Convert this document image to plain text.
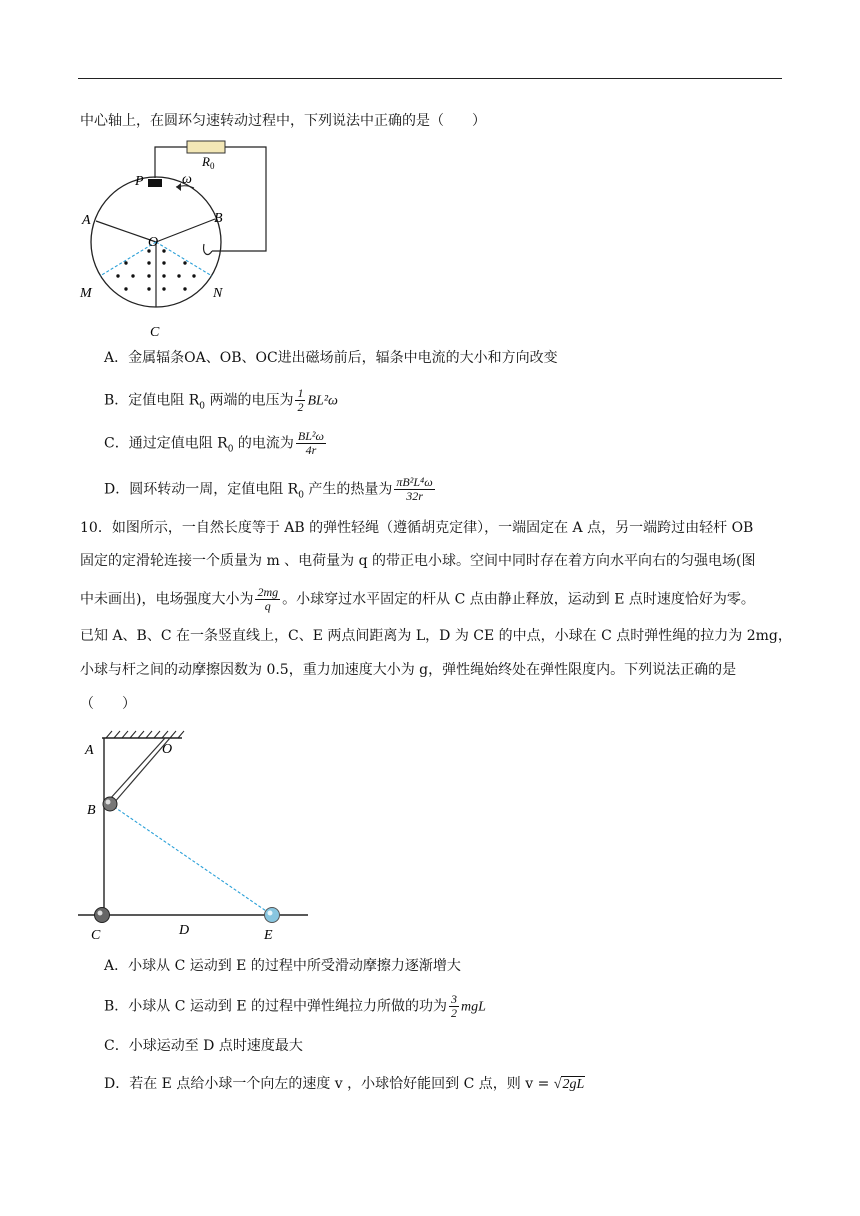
中心轴上，在圆环匀速转动过程中，下列说法中正确的是（　　）
$R_0$
P	ω
A	B
O
M	N
C
A．金属辐条OA、OB、OC进出磁场前后，辐条中电流的大小和方向改变
B．定值电阻 $R_0$ 两端的电压为 $\frac{1}{2} BL^2\omega$
C．通过定值电阻 $R_0$ 的电流为 $\frac{\text{BL²ω}}{4r}$
D．圆环转动一周，定值电阻 $R_0$ 产生的热量为 $\frac{\text{πB²L⁴ω}}{32r}$
10．如图所示，一自然长度等于 AB 的弹性轻绳（遵循胡克定律），一端固定在 A 点，另一端跨过由轻杆 OB
固定的定滑轮连接一个质量为 m 、电荷量为 q 的带正电小球。空间中同时存在着方向水平向右的匀强电场(图
中未画出)，电场强度大小为 $\frac{2mg}{q}$ 。小球穿过水平固定的杆从 C 点由静止释放，运动到 E 点时速度恰好为零。
已知 A、B、C 在一条竖直线上，C、E 两点间距离为 L，D 为 CE 的中点，小球在 C 点时弹性绳的拉力为 2mg，
小球与杆之间的动摩擦因数为 0.5，重力加速度大小为 g，弹性绳始终处在弹性限度内。下列说法正确的是
（　　）
A	O
B
C	D	E
A．小球从 C 运动到 E 的过程中所受滑动摩擦力逐渐增大
B．小球从 C 运动到 E 的过程中弹性绳拉力所做的功为 $\frac{3}{2}$ mgL
C．小球运动至 D 点时速度最大
D．若在 E 点给小球一个向左的速度 v ，小球恰好能回到 C 点，则 v = √2gL
